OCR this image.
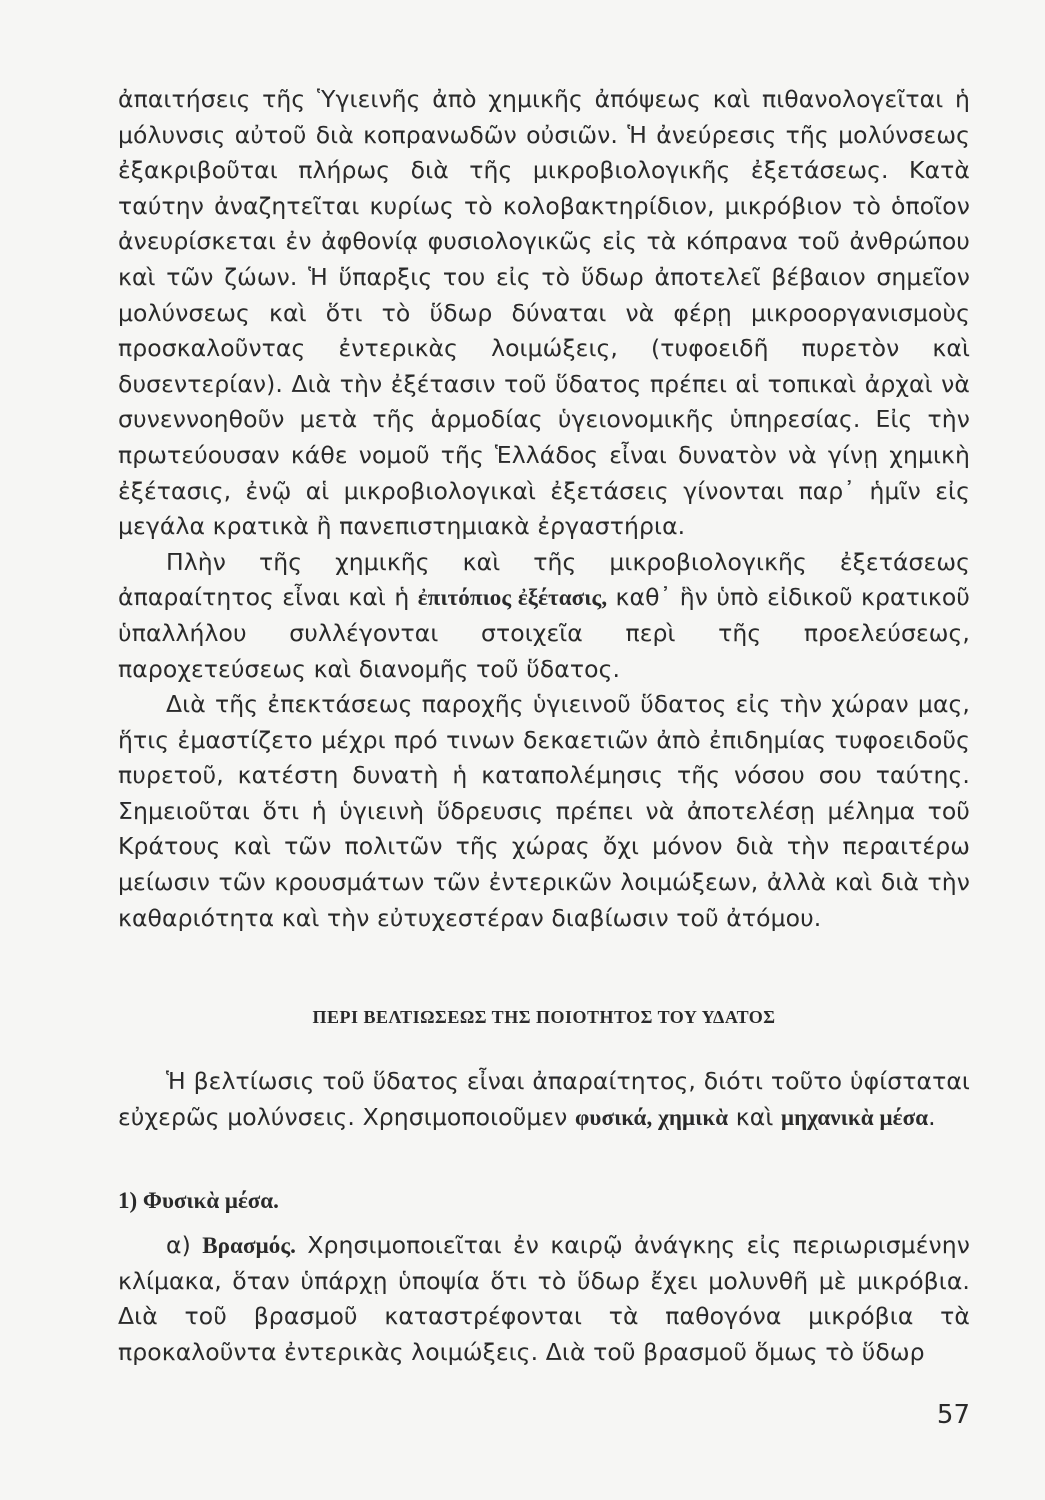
ἀπαιτήσεις τῆς Ὑγιεινῆς ἀπὸ χημικῆς ἀπόψεως καὶ πιθανολογεῖται ἡ μόλυνσις αὐτοῦ διὰ κοπρανωδῶν οὐσιῶν. Ἡ ἀνεύρεσις τῆς μολύνσεως ἐξακριβοῦται πλήρως διὰ τῆς μικροβιολογικῆς ἐξετάσεως. Κατὰ ταύτην ἀναζητεῖται κυρίως τὸ κολοβακτηρίδιον, μικρόβιον τὸ ὁποῖον ἀνευρίσκεται ἐν ἀφθονίᾳ φυσιολογικῶς εἰς τὰ κόπρανα τοῦ ἀνθρώπου καὶ τῶν ζώων. Ἡ ὕπαρξις του εἰς τὸ ὕδωρ ἀποτελεῖ βέβαιον σημεῖον μολύνσεως καὶ ὅτι τὸ ὕδωρ δύναται νὰ φέρῃ μικροοργανισμοὺς προσκαλοῦντας ἐντερικὰς λοιμώξεις, (τυφοειδῆ πυρετὸν καὶ δυσεντερίαν). Διὰ τὴν ἐξέτασιν τοῦ ὕδατος πρέπει αἱ τοπικαὶ ἀρχαὶ νὰ συνεννοηθοῦν μετὰ τῆς ἁρμοδίας ὑγειονομικῆς ὑπηρεσίας. Εἰς τὴν πρωτεύουσαν κάθε νομοῦ τῆς Ἑλλάδος εἶναι δυνατὸν νὰ γίνῃ χημικὴ ἐξέτασις, ἐνῷ αἱ μικροβιολογικαὶ ἐξετάσεις γίνονται παρ᾽ ἡμῖν εἰς μεγάλα κρατικὰ ἢ πανεπιστημιακὰ ἐργαστήρια.

Πλὴν τῆς χημικῆς καὶ τῆς μικροβιολογικῆς ἐξετάσεως ἀπαραίτητος εἶναι καὶ ἡ ἐπιτόπιος ἐξέτασις, καθ᾽ ἣν ὑπὸ εἰδικοῦ κρατικοῦ ὑπαλλήλου συλλέγονται στοιχεῖα περὶ τῆς προελεύσεως, παροχετεύσεως καὶ διανομῆς τοῦ ὕδατος.

Διὰ τῆς ἐπεκτάσεως παροχῆς ὑγιεινοῦ ὕδατος εἰς τὴν χώραν μας, ἥτις ἐμαστίζετο μέχρι πρό τινων δεκαετιῶν ἀπὸ ἐπιδημίας τυφοειδοῦς πυρετοῦ, κατέστη δυνατὴ ἡ καταπολέμησις τῆς νόσου σου ταύτης. Σημειοῦται ὅτι ἡ ὑγιεινὴ ὕδρευσις πρέπει νὰ ἀποτελέσῃ μέλημα τοῦ Κράτους καὶ τῶν πολιτῶν τῆς χώρας ὄχι μόνον διὰ τὴν περαιτέρω μείωσιν τῶν κρουσμάτων τῶν ἐντερικῶν λοιμώξεων, ἀλλὰ καὶ διὰ τὴν καθαριότητα καὶ τὴν εὐτυχεστέραν διαβίωσιν τοῦ ἀτόμου.

ΠΕΡΙ ΒΕΛΤΙΩΣΕΩΣ ΤΗΣ ΠΟΙΟΤΗΤΟΣ ΤΟΥ ΥΔΑΤΟΣ

Ἡ βελτίωσις τοῦ ὕδατος εἶναι ἀπαραίτητος, διότι τοῦτο ὑφίσταται εὐχερῶς μολύνσεις. Χρησιμοποιοῦμεν φυσικά, χημικὰ καὶ μηχανικὰ μέσα.

1) Φυσικὰ μέσα.

α) Βρασμός. Χρησιμοποιεῖται ἐν καιρῷ ἀνάγκης εἰς περιωρισμένην κλίμακα, ὅταν ὑπάρχῃ ὑποψία ὅτι τὸ ὕδωρ ἔχει μολυνθῆ μὲ μικρόβια. Διὰ τοῦ βρασμοῦ καταστρέφονται τὰ παθογόνα μικρόβια τὰ προκαλοῦντα ἐντερικὰς λοιμώξεις. Διὰ τοῦ βρασμοῦ ὅμως τὸ ὕδωρ

57
